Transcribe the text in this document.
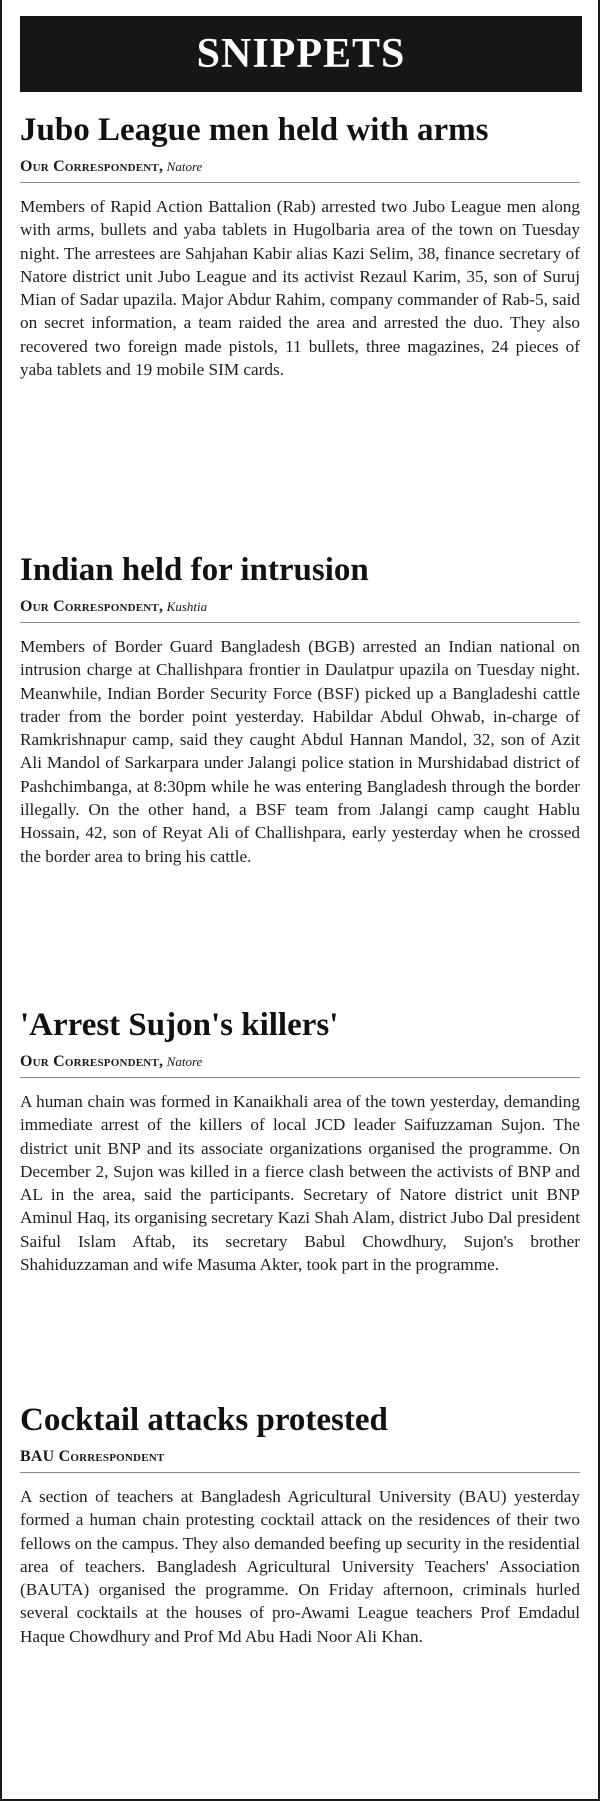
SNIPPETS
Jubo League men held with arms
Our Correspondent, Natore

Members of Rapid Action Battalion (Rab) arrested two Jubo League men along with arms, bullets and yaba tablets in Hugolbaria area of the town on Tuesday night. The arrestees are Sahjahan Kabir alias Kazi Selim, 38, finance secretary of Natore district unit Jubo League and its activist Rezaul Karim, 35, son of Suruj Mian of Sadar upazila. Major Abdur Rahim, company commander of Rab-5, said on secret information, a team raided the area and arrested the duo. They also recovered two foreign made pistols, 11 bullets, three magazines, 24 pieces of yaba tablets and 19 mobile SIM cards.

Indian held for intrusion
Our Correspondent, Kushtia

Members of Border Guard Bangladesh (BGB) arrested an Indian national on intrusion charge at Challishpara frontier in Daulatpur upazila on Tuesday night. Meanwhile, Indian Border Security Force (BSF) picked up a Bangladeshi cattle trader from the border point yesterday. Habildar Abdul Ohwab, in-charge of Ramkrishnapur camp, said they caught Abdul Hannan Mandol, 32, son of Azit Ali Mandol of Sarkarpara under Jalangi police station in Murshidabad district of Pashchimbanga, at 8:30pm while he was entering Bangladesh through the border illegally. On the other hand, a BSF team from Jalangi camp caught Hablu Hossain, 42, son of Reyat Ali of Challishpara, early yesterday when he crossed the border area to bring his cattle.

'Arrest Sujon's killers'
Our Correspondent, Natore

A human chain was formed in Kanaikhali area of the town yesterday, demanding immediate arrest of the killers of local JCD leader Saifuzzaman Sujon. The district unit BNP and its associate organizations organised the programme. On December 2, Sujon was killed in a fierce clash between the activists of BNP and AL in the area, said the participants. Secretary of Natore district unit BNP Aminul Haq, its organising secretary Kazi Shah Alam, district Jubo Dal president Saiful Islam Aftab, its secretary Babul Chowdhury, Sujon's brother Shahiduzzaman and wife Masuma Akter, took part in the programme.

Cocktail attacks protested
BAU Correspondent

A section of teachers at Bangladesh Agricultural University (BAU) yesterday formed a human chain protesting cocktail attack on the residences of their two fellows on the campus. They also demanded beefing up security in the residential area of teachers. Bangladesh Agricultural University Teachers' Association (BAUTA) organised the programme. On Friday afternoon, criminals hurled several cocktails at the houses of pro-Awami League teachers Prof Emdadul Haque Chowdhury and Prof Md Abu Hadi Noor Ali Khan.
